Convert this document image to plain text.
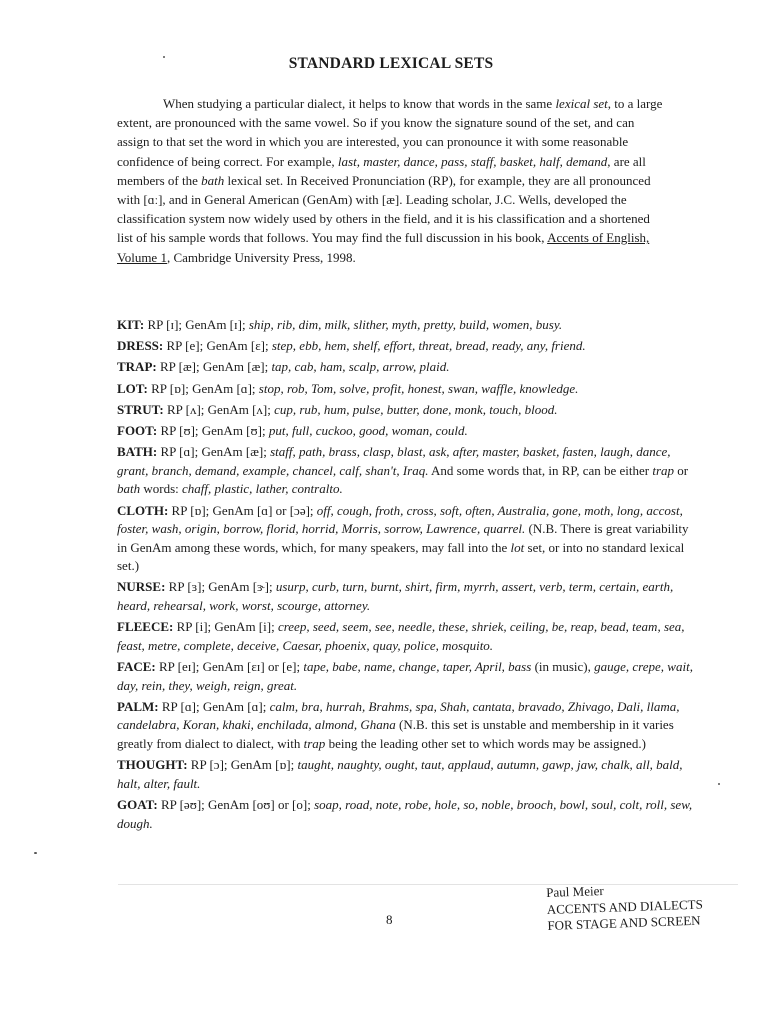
STANDARD LEXICAL SETS
When studying a particular dialect, it helps to know that words in the same lexical set, to a large extent, are pronounced with the same vowel. So if you know the signature sound of the set, and can assign to that set the word in which you are interested, you can pronounce it with some reasonable confidence of being correct. For example, last, master, dance, pass, staff, basket, half, demand, are all members of the bath lexical set. In Received Pronunciation (RP), for example, they are all pronounced with [ɑː], and in General American (GenAm) with [æ]. Leading scholar, J.C. Wells, developed the classification system now widely used by others in the field, and it is his classification and a shortened list of his sample words that follows. You may find the full discussion in his book, Accents of English, Volume 1, Cambridge University Press, 1998.
KIT: RP [ɪ]; GenAm [ɪ]; ship, rib, dim, milk, slither, myth, pretty, build, women, busy.
DRESS: RP [e]; GenAm [ɛ]; step, ebb, hem, shelf, effort, threat, bread, ready, any, friend.
TRAP: RP [æ]; GenAm [æ]; tap, cab, ham, scalp, arrow, plaid.
LOT: RP [ɒ]; GenAm [ɑ]; stop, rob, Tom, solve, profit, honest, swan, waffle, knowledge.
STRUT: RP [ʌ]; GenAm [ʌ]; cup, rub, hum, pulse, butter, done, monk, touch, blood.
FOOT: RP [ʊ]; GenAm [ʊ]; put, full, cuckoo, good, woman, could.
BATH: RP [ɑ]; GenAm [æ]; staff, path, brass, clasp, blast, ask, after, master, basket, fasten, laugh, dance, grant, branch, demand, example, chancel, calf, shan't, Iraq. And some words that, in RP, can be either trap or bath words: chaff, plastic, lather, contralto.
CLOTH: RP [ɒ]; GenAm [ɑ] or [ɔə]; off, cough, froth, cross, soft, often, Australia, gone, moth, long, accost, foster, wash, origin, borrow, florid, horrid, Morris, sorrow, Lawrence, quarrel. (N.B. There is great variability in GenAm among these words, which, for many speakers, may fall into the lot set, or into no standard lexical set.)
NURSE: RP [ɜ]; GenAm [ɝ]; usurp, curb, turn, burnt, shirt, firm, myrrh, assert, verb, term, certain, earth, heard, rehearsal, work, worst, scourge, attorney.
FLEECE: RP [i]; GenAm [i]; creep, seed, seem, see, needle, these, shriek, ceiling, be, reap, bead, team, sea, feast, metre, complete, deceive, Caesar, phoenix, quay, police, mosquito.
FACE: RP [eɪ]; GenAm [ɛɪ] or [e]; tape, babe, name, change, taper, April, bass (in music), gauge, crepe, wait, day, rein, they, weigh, reign, great.
PALM: RP [ɑ]; GenAm [ɑ]; calm, bra, hurrah, Brahms, spa, Shah, cantata, bravado, Zhivago, Dali, llama, candelabra, Koran, khaki, enchilada, almond, Ghana (N.B. this set is unstable and membership in it varies greatly from dialect to dialect, with trap being the leading other set to which words may be assigned.)
THOUGHT: RP [ɔ]; GenAm [ɒ]; taught, naughty, ought, taut, applaud, autumn, gawp, jaw, chalk, all, bald, halt, alter, fault.
GOAT: RP [əʊ]; GenAm [oʊ] or [o]; soap, road, note, robe, hole, so, noble, brooch, bowl, soul, colt, roll, sew, dough.
8
Paul Meier
ACCENTS AND DIALECTS
FOR STAGE AND SCREEN
